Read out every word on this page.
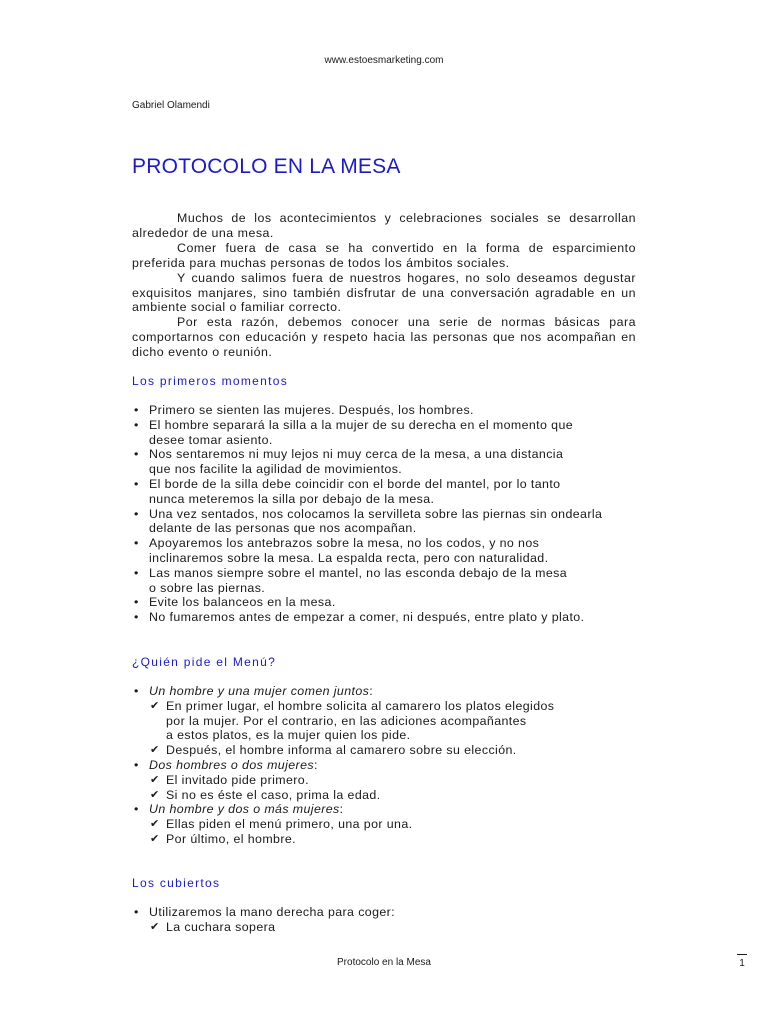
www.estoesmarketing.com
Gabriel Olamendi
PROTOCOLO EN LA MESA

Muchos de los acontecimientos y celebraciones sociales se desarrollan alrededor de una mesa.

Comer fuera de casa se ha convertido en la forma de esparcimiento preferida para muchas personas de todos los ámbitos sociales.

Y cuando salimos fuera de nuestros hogares, no solo deseamos degustar exquisitos manjares, sino también disfrutar de una conversación agradable en un ambiente social o familiar correcto.

Por esta razón, debemos conocer una serie de normas básicas para comportarnos con educación y respeto hacia las personas que nos acompañan en dicho evento o reunión.

Los primeros momentos
• Primero se sienten las mujeres. Después, los hombres.
• El hombre separará la silla a la mujer de su derecha en el momento que
desee tomar asiento.
• Nos sentaremos ni muy lejos ni muy cerca de la mesa, a una distancia
que nos facilite la agilidad de movimientos.
• El borde de la silla debe coincidir con el borde del mantel, por lo tanto
nunca meteremos la silla por debajo de la mesa.
• Una vez sentados, nos colocamos la servilleta sobre las piernas sin ondearla
delante de las personas que nos acompañan.
• Apoyaremos los antebrazos sobre la mesa, no los codos, y no nos
inclinaremos sobre la mesa. La espalda recta, pero con naturalidad.
• Las manos siempre sobre el mantel, no las esconda debajo de la mesa
o sobre las piernas.
• Evite los balanceos en la mesa.
• No fumaremos antes de empezar a comer, ni después, entre plato y plato.
¿Quién pide el Menú?
• Un hombre y una mujer comen juntos:
✔ En primer lugar, el hombre solicita al camarero los platos elegidos
por la mujer. Por el contrario, en las adiciones acompañantes
a estos platos, es la mujer quien los pide.
✔ Después, el hombre informa al camarero sobre su elección.
• Dos hombres o dos mujeres:
✔ El invitado pide primero.
✔ Si no es éste el caso, prima la edad.
• Un hombre y dos o más mujeres:
✔ Ellas piden el menú primero, una por una.
✔ Por último, el hombre.
Los cubiertos
• Utilizaremos la mano derecha para coger:
✔ La cuchara sopera
Protocolo en la Mesa	1
